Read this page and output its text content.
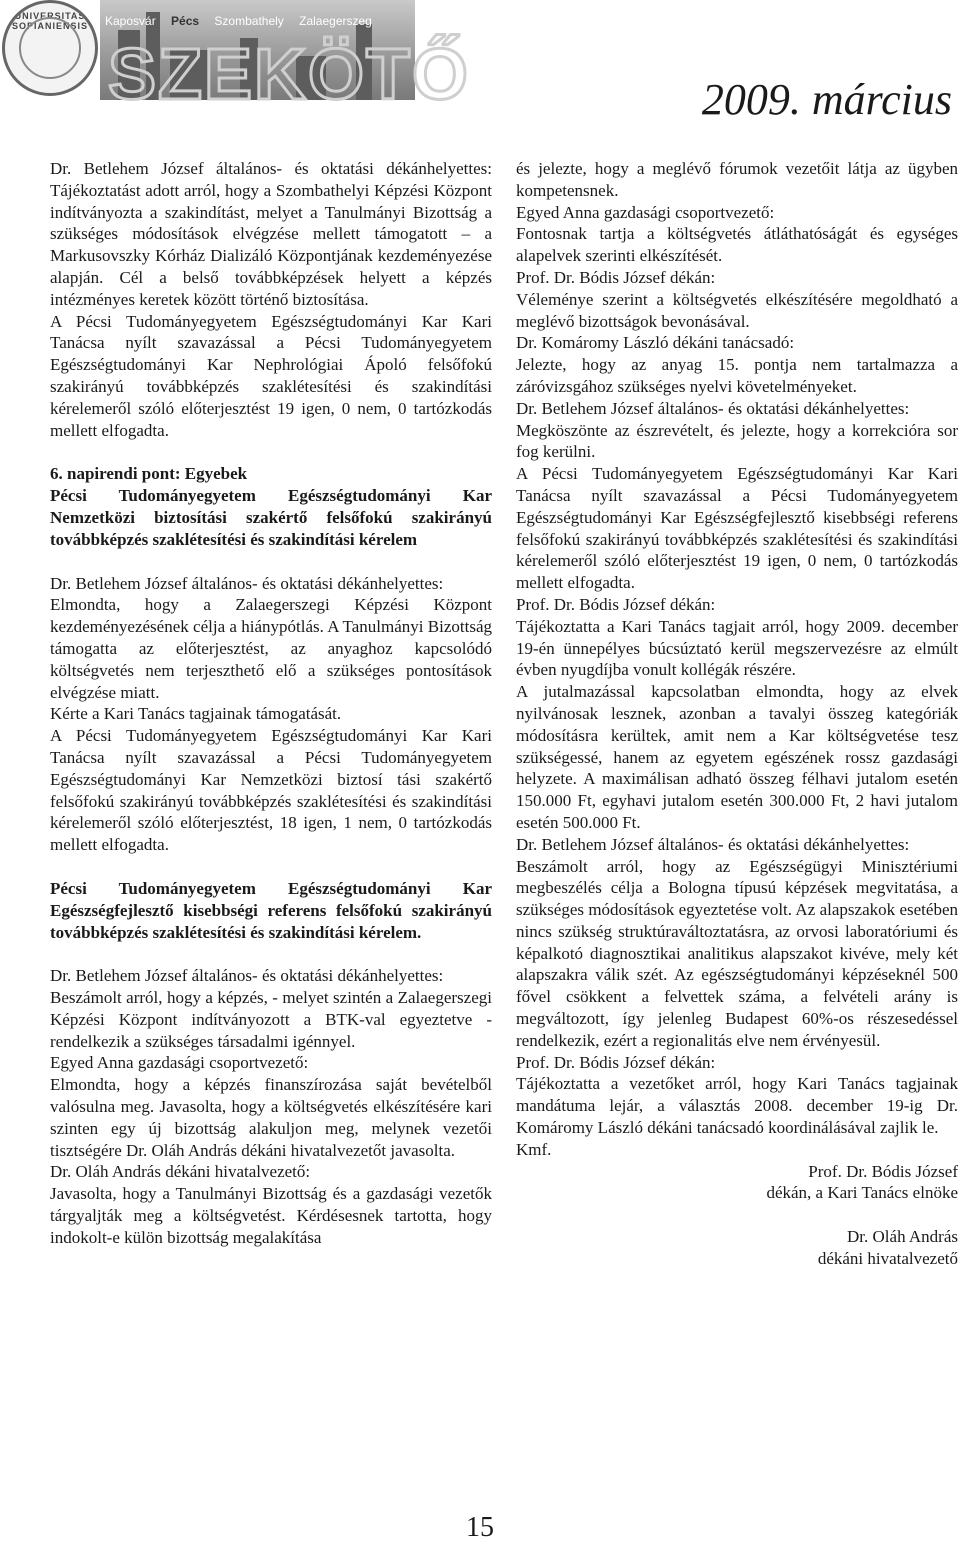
UNIVERSITAS SOPIANIENSIS	Kaposvár Pécs Szombathely Zalaegerszeg
SZEKÖTŐ	2009. március

Dr. Betlehem József általános- és oktatási dékánhelyettes: Tájékoztatást adott arról, hogy a Szombathelyi Képzési Központ indítványozta a szakindítást, melyet a Tanulmányi Bizottság a szükséges módosítások elvégzése mellett támogatott – a Markusovszky Kórház Dializáló Központjának kezdeményezése alapján. Cél a belső továbbképzések helyett a képzés intézményes keretek között történő biztosítása.

A Pécsi Tudományegyetem Egészségtudományi Kar Kari Tanácsa nyílt szavazással a Pécsi Tudományegyetem Egészségtudományi Kar Nephrológiai Ápoló felsőfokú szakirányú továbbképzés szaklétesítési és szakindítási kérelemeről szóló előterjesztést 19 igen, 0 nem, 0 tartózkodás mellett elfogadta.

6. napirendi pont: Egyebek

Pécsi Tudományegyetem Egészségtudományi Kar Nemzetközi biztosítási szakértő felsőfokú szakirányú továbbképzés szaklétesítési és szakindítási kérelem

Dr. Betlehem József általános- és oktatási dékánhelyettes:

Elmondta, hogy a Zalaegerszegi Képzési Központ kezdeményezésének célja a hiánypótlás. A Tanulmányi Bizottság támogatta az előterjesztést, az anyaghoz kapcsolódó költségvetés nem terjeszthető elő a szükséges pontosítások elvégzése miatt.

Kérte a Kari Tanács tagjainak támogatását.

A Pécsi Tudományegyetem Egészségtudományi Kar Kari Tanácsa nyílt szavazással a Pécsi Tudományegyetem Egészségtudományi Kar Nemzetközi biztosí tási szakértő felsőfokú szakirányú továbbképzés szaklétesítési és szakindítási kérelemeről szóló előterjesztést, 18 igen, 1 nem, 0 tartózkodás mellett elfogadta.

Pécsi Tudományegyetem Egészségtudományi Kar Egészségfejlesztő kisebbségi referens felsőfokú szakirányú továbbképzés szaklétesítési és szakindítási kérelem.

Dr. Betlehem József általános- és oktatási dékánhelyettes:

Beszámolt arról, hogy a képzés, - melyet szintén a Zalaegerszegi Képzési Központ indítványozott a BTK-val egyeztetve - rendelkezik a szükséges társadalmi igénnyel.

Egyed Anna gazdasági csoportvezető:

Elmondta, hogy a képzés finanszírozása saját bevételből valósulna meg. Javasolta, hogy a költségvetés elkészítésére kari szinten egy új bizottság alakuljon meg, melynek vezetői tisztségére Dr. Oláh András dékáni hivatalvezetőt javasolta.

Dr. Oláh András dékáni hivatalvezető:

Javasolta, hogy a Tanulmányi Bizottság és a gazdasági vezetők tárgyaljták meg a költségvetést. Kérdésesnek tartotta, hogy indokolt-e külön bizottság megalakítása

és jelezte, hogy a meglévő fórumok vezetőit látja az ügyben kompetensnek.

Egyed Anna gazdasági csoportvezető:

Fontosnak tartja a költségvetés átláthatóságát és egységes alapelvek szerinti elkészítését.

Prof. Dr. Bódis József dékán:

Véleménye szerint a költségvetés elkészítésére megoldható a meglévő bizottságok bevonásával.

Dr. Komáromy László dékáni tanácsadó:

Jelezte, hogy az anyag 15. pontja nem tartalmazza a záróvizsgához szükséges nyelvi követelményeket.

Dr. Betlehem József általános- és oktatási dékánhelyettes:

Megköszönte az észrevételt, és jelezte, hogy a korrekcióra sor fog kerülni.

A Pécsi Tudományegyetem Egészségtudományi Kar Kari Tanácsa nyílt szavazással a Pécsi Tudományegyetem Egészségtudományi Kar Egészségfejlesztő kisebbségi referens felsőfokú szakirányú továbbképzés szaklétesítési és szakindítási kérelemeről szóló előterjesztést 19 igen, 0 nem, 0 tartózkodás mellett elfogadta.

Prof. Dr. Bódis József dékán:

Tájékoztatta a Kari Tanács tagjait arról, hogy 2009. december 19-én ünnepélyes búcsúztató kerül megszervezésre az elmúlt évben nyugdíjba vonult kollégák részére.

A jutalmazással kapcsolatban elmondta, hogy az elvek nyilvánosak lesznek, azonban a tavalyi összeg kategóriák módosításra kerültek, amit nem a Kar költségvetése tesz szükségessé, hanem az egyetem egészének rossz gazdasági helyzete. A maximálisan adható összeg félhavi jutalom esetén 150.000 Ft, egyhavi jutalom esetén 300.000 Ft, 2 havi jutalom esetén 500.000 Ft.

Dr. Betlehem József általános- és oktatási dékánhelyettes:

Beszámolt arról, hogy az Egészségügyi Minisztériumi megbeszélés célja a Bologna típusú képzések megvitatása, a szükséges módosítások egyeztetése volt. Az alapszakok esetében nincs szükség struktúraváltoztatásra, az orvosi laboratóriumi és képalkotó diagnosztikai analitikus alapszakot kivéve, mely két alapszakra válik szét. Az egészségtudományi képzéseknél 500 fővel csökkent a felvettek száma, a felvételi arány is megváltozott, így jelenleg Budapest 60%-os részesedéssel rendelkezik, ezért a regionalitás elve nem érvényesül.

Prof. Dr. Bódis József dékán:

Tájékoztatta a vezetőket arról, hogy Kari Tanács tagjainak mandátuma lejár, a választás 2008. december 19-ig Dr. Komáromy László dékáni tanácsadó koordinálásával zajlik le.

Kmf.

Prof. Dr. Bódis József

dékán, a Kari Tanács elnöke

Dr. Oláh András

dékáni hivatalvezető

15
